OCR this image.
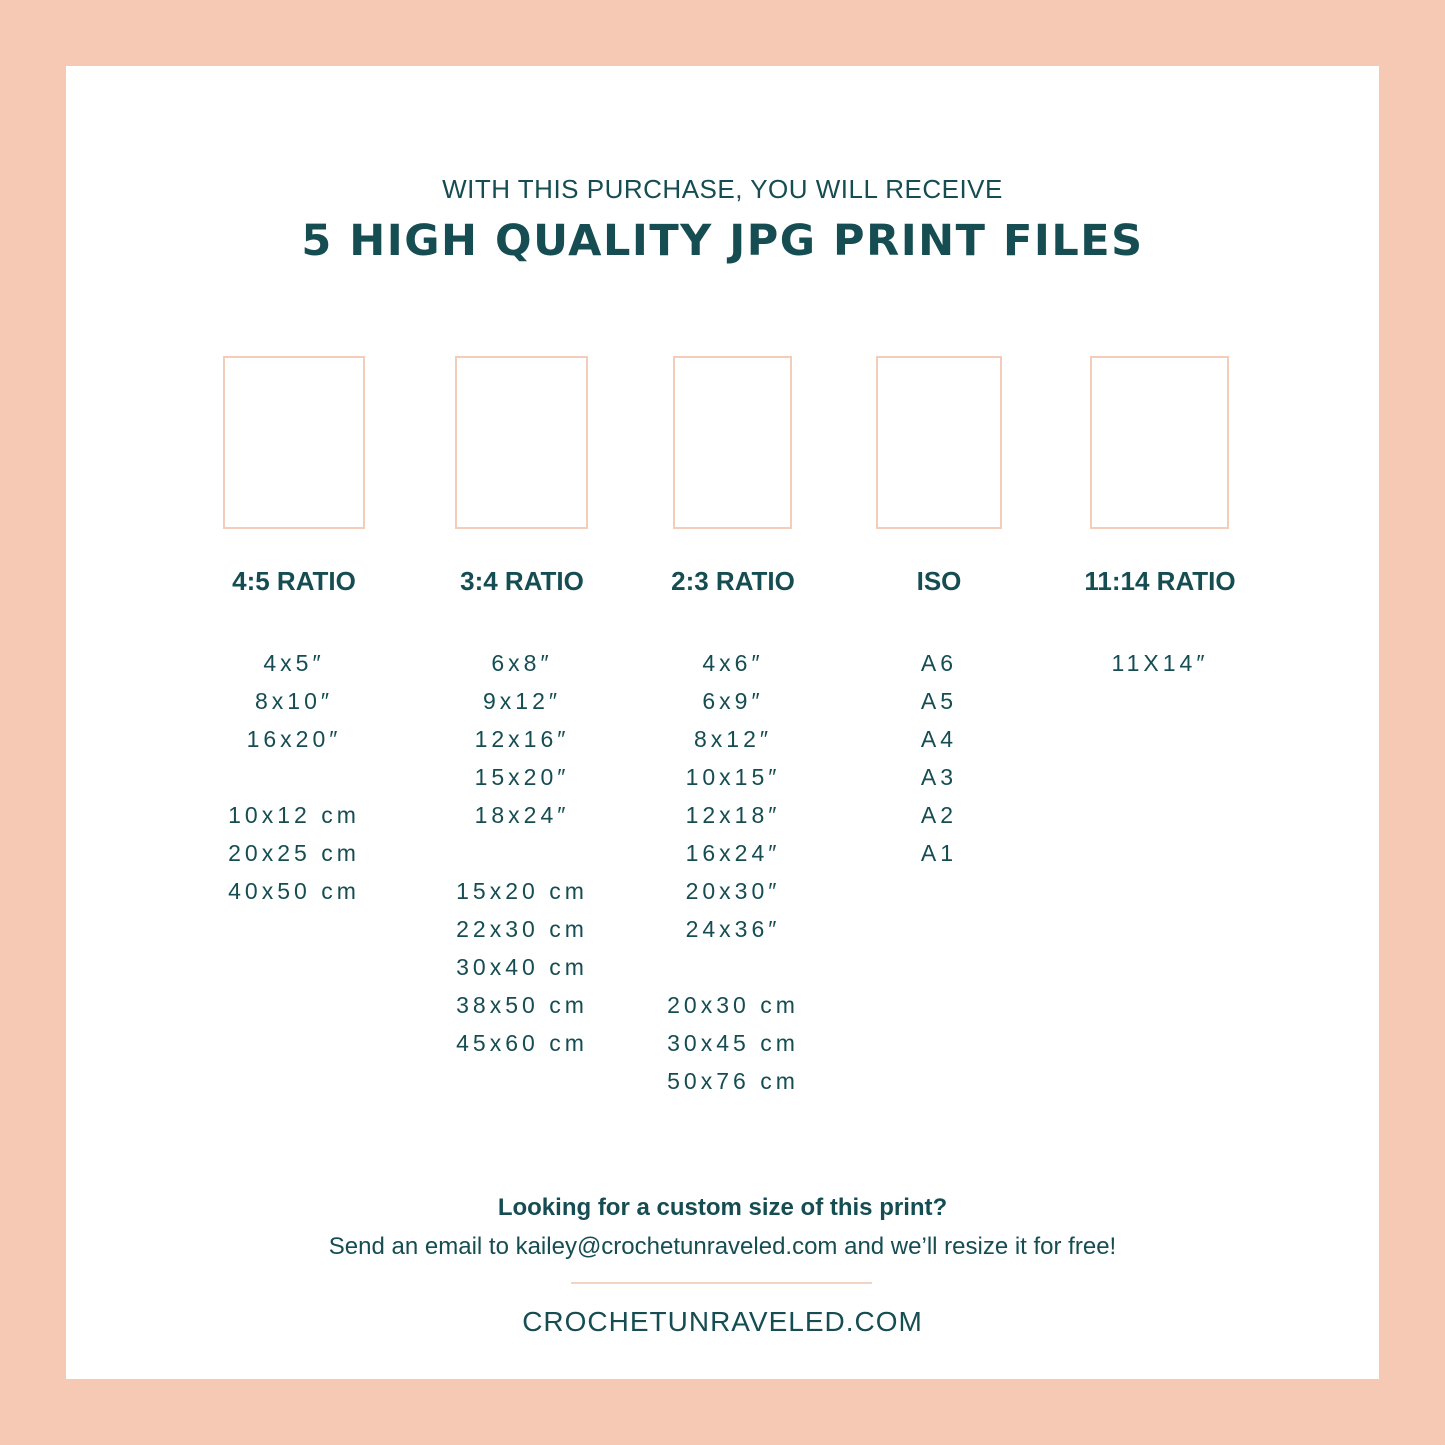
WITH THIS PURCHASE, YOU WILL RECEIVE
5 HIGH QUALITY JPG PRINT FILES
4:5 RATIO
4x5″
8x10″
16x20″
10x12 cm
20x25 cm
40x50 cm
3:4 RATIO
6x8″
9x12″
12x16″
15x20″
18x24″
15x20 cm
22x30 cm
30x40 cm
38x50 cm
45x60 cm
2:3 RATIO
4x6″
6x9″
8x12″
10x15″
12x18″
16x24″
20x30″
24x36″
20x30 cm
30x45 cm
50x76 cm
ISO
A6
A5
A4
A3
A2
A1
11:14 RATIO
11X14″
Looking for a custom size of this print?
Send an email to kailey@crochetunraveled.com and we’ll resize it for free!
CROCHETUNRAVELED.COM
